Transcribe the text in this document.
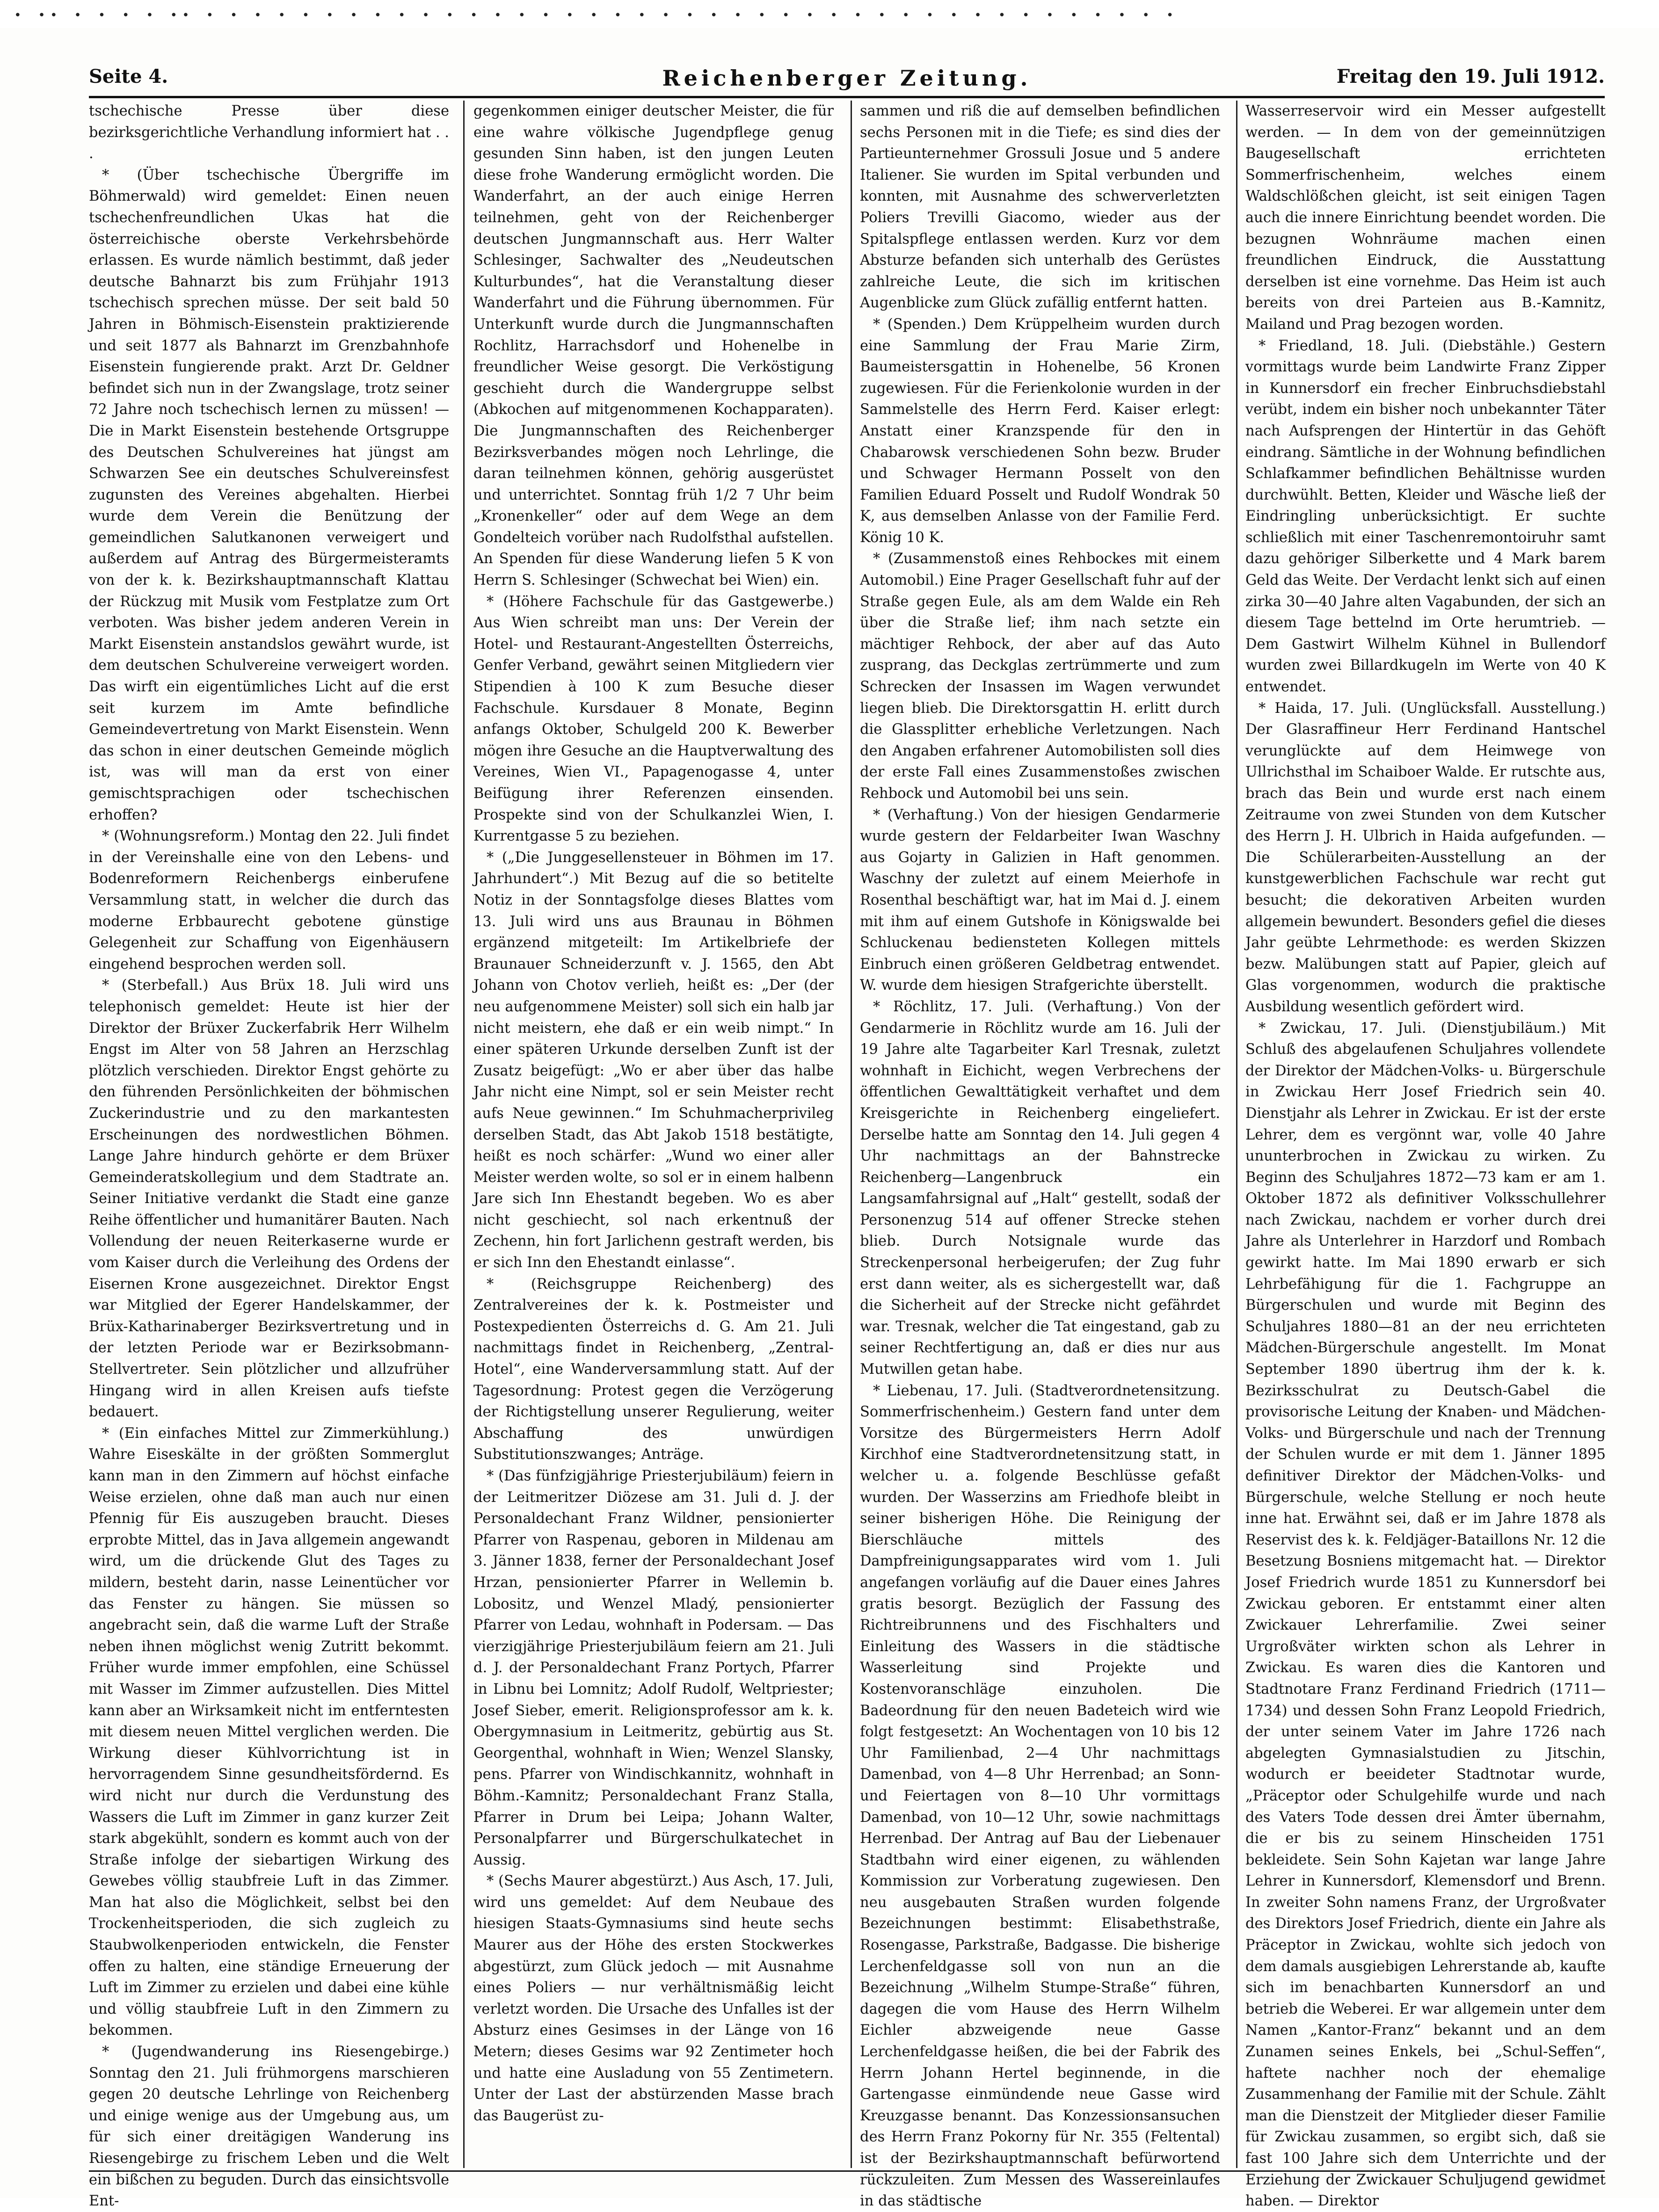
• •• • • • • •• • • • • • • • • • • • • • • • • • • • • • • • • • • • • • • • • • • • • • • • • •
Seite 4.	Reichenberger Zeitung.	Freitag den 19. Juli 1912.

tschechische Presse über diese bezirksgerichtliche Verhandlung informiert hat . . .

* (Über tschechische Übergriffe im Böhmerwald) wird gemeldet: Einen neuen tschechenfreundlichen Ukas hat die österreichische oberste Verkehrsbehörde erlassen. Es wurde nämlich bestimmt, daß jeder deutsche Bahnarzt bis zum Frühjahr 1913 tschechisch sprechen müsse. Der seit bald 50 Jahren in Böhmisch-Eisenstein praktizierende und seit 1877 als Bahnarzt im Grenzbahnhofe Eisenstein fungierende prakt. Arzt Dr. Geldner befindet sich nun in der Zwangslage, trotz seiner 72 Jahre noch tschechisch lernen zu müssen! — Die in Markt Eisenstein bestehende Ortsgruppe des Deutschen Schulvereines hat jüngst am Schwarzen See ein deutsches Schulvereinsfest zugunsten des Vereines abgehalten. Hierbei wurde dem Verein die Benützung der gemeindlichen Salutkanonen verweigert und außerdem auf Antrag des Bürgermeisteramts von der k. k. Bezirkshauptmannschaft Klattau der Rückzug mit Musik vom Festplatze zum Ort verboten. Was bisher jedem anderen Verein in Markt Eisenstein anstandslos gewährt wurde, ist dem deutschen Schulvereine verweigert worden. Das wirft ein eigentümliches Licht auf die erst seit kurzem im Amte befindliche Gemeindevertretung von Markt Eisenstein. Wenn das schon in einer deutschen Gemeinde möglich ist, was will man da erst von einer gemischtsprachigen oder tschechischen erhoffen?

* (Wohnungsreform.) Montag den 22. Juli findet in der Vereinshalle eine von den Lebens- und Bodenreformern Reichenbergs einberufene Versammlung statt, in welcher die durch das moderne Erbbaurecht gebotene günstige Gelegenheit zur Schaffung von Eigenhäusern eingehend besprochen werden soll.

* (Sterbefall.) Aus Brüx 18. Juli wird uns telephonisch gemeldet: Heute ist hier der Direktor der Brüxer Zuckerfabrik Herr Wilhelm Engst im Alter von 58 Jahren an Herzschlag plötzlich verschieden. Direktor Engst gehörte zu den führenden Persönlichkeiten der böhmischen Zuckerindustrie und zu den markantesten Erscheinungen des nordwestlichen Böhmen. Lange Jahre hindurch gehörte er dem Brüxer Gemeinderatskollegium und dem Stadtrate an. Seiner Initiative verdankt die Stadt eine ganze Reihe öffentlicher und humanitärer Bauten. Nach Vollendung der neuen Reiterkaserne wurde er vom Kaiser durch die Verleihung des Ordens der Eisernen Krone ausgezeichnet. Direktor Engst war Mitglied der Egerer Handelskammer, der Brüx-Katharinaberger Bezirksvertretung und in der letzten Periode war er Bezirksobmann-Stellvertreter. Sein plötzlicher und allzufrüher Hingang wird in allen Kreisen aufs tiefste bedauert.

* (Ein einfaches Mittel zur Zimmerkühlung.) Wahre Eiseskälte in der größten Sommerglut kann man in den Zimmern auf höchst einfache Weise erzielen, ohne daß man auch nur einen Pfennig für Eis auszugeben braucht. Dieses erprobte Mittel, das in Java allgemein angewandt wird, um die drückende Glut des Tages zu mildern, besteht darin, nasse Leinentücher vor das Fenster zu hängen. Sie müssen so angebracht sein, daß die warme Luft der Straße neben ihnen möglichst wenig Zutritt bekommt. Früher wurde immer empfohlen, eine Schüssel mit Wasser im Zimmer aufzustellen. Dies Mittel kann aber an Wirksamkeit nicht im entferntesten mit diesem neuen Mittel verglichen werden. Die Wirkung dieser Kühlvorrichtung ist in hervorragendem Sinne gesundheitsfördernd. Es wird nicht nur durch die Verdunstung des Wassers die Luft im Zimmer in ganz kurzer Zeit stark abgekühlt, sondern es kommt auch von der Straße infolge der siebartigen Wirkung des Gewebes völlig staubfreie Luft in das Zimmer. Man hat also die Möglichkeit, selbst bei den Trockenheitsperioden, die sich zugleich zu Staubwolkenperioden entwickeln, die Fenster offen zu halten, eine ständige Erneuerung der Luft im Zimmer zu erzielen und dabei eine kühle und völlig staubfreie Luft in den Zimmern zu bekommen.

* (Jugendwanderung ins Riesengebirge.) Sonntag den 21. Juli frühmorgens marschieren gegen 20 deutsche Lehrlinge von Reichenberg und einige wenige aus der Umgebung aus, um für sich einer dreitägigen Wanderung ins Riesengebirge zu frischem Leben und die Welt ein bißchen zu beguden. Durch das einsichtsvolle Ent-

gegenkommen einiger deutscher Meister, die für eine wahre völkische Jugendpflege genug gesunden Sinn haben, ist den jungen Leuten diese frohe Wanderung ermöglicht worden. Die Wanderfahrt, an der auch einige Herren teilnehmen, geht von der Reichenberger deutschen Jungmannschaft aus. Herr Walter Schlesinger, Sachwalter des „Neudeutschen Kulturbundes“, hat die Veranstaltung dieser Wanderfahrt und die Führung übernommen. Für Unterkunft wurde durch die Jungmannschaften Rochlitz, Harrachsdorf und Hohenelbe in freundlicher Weise gesorgt. Die Verköstigung geschieht durch die Wandergruppe selbst (Abkochen auf mitgenommenen Kochapparaten). Die Jungmannschaften des Reichenberger Bezirksverbandes mögen noch Lehrlinge, die daran teilnehmen können, gehörig ausgerüstet und unterrichtet. Sonntag früh 1/2 7 Uhr beim „Kronenkeller“ oder auf dem Wege an dem Gondelteich vorüber nach Rudolfsthal aufstellen. An Spenden für diese Wanderung liefen 5 K von Herrn S. Schlesinger (Schwechat bei Wien) ein.

* (Höhere Fachschule für das Gastgewerbe.) Aus Wien schreibt man uns: Der Verein der Hotel- und Restaurant-Angestellten Österreichs, Genfer Verband, gewährt seinen Mitgliedern vier Stipendien à 100 K zum Besuche dieser Fachschule. Kursdauer 8 Monate, Beginn anfangs Oktober, Schulgeld 200 K. Bewerber mögen ihre Gesuche an die Hauptverwaltung des Vereines, Wien VI., Papagenogasse 4, unter Beifügung ihrer Referenzen einsenden. Prospekte sind von der Schulkanzlei Wien, I. Kurrentgasse 5 zu beziehen.

* („Die Junggesellensteuer in Böhmen im 17. Jahrhundert“.) Mit Bezug auf die so betitelte Notiz in der Sonntagsfolge dieses Blattes vom 13. Juli wird uns aus Braunau in Böhmen ergänzend mitgeteilt: Im Artikelbriefe der Braunauer Schneiderzunft v. J. 1565, den Abt Johann von Chotov verlieh, heißt es: „Der (der neu aufgenommene Meister) soll sich ein halb jar nicht meistern, ehe daß er ein weib nimpt.“ In einer späteren Urkunde derselben Zunft ist der Zusatz beigefügt: „Wo er aber über das halbe Jahr nicht eine Nimpt, sol er sein Meister recht aufs Neue gewinnen.“ Im Schuhmacherprivileg derselben Stadt, das Abt Jakob 1518 bestätigte, heißt es noch schärfer: „Wund wo einer aller Meister werden wolte, so sol er in einem halbenn Jare sich Inn Ehestandt begeben. Wo es aber nicht geschiecht, sol nach erkentnuß der Zechenn, hin fort Jarlichenn gestraft werden, bis er sich Inn den Ehestandt einlasse“.

* (Reichsgruppe Reichenberg) des Zentralvereines der k. k. Postmeister und Postexpedienten Österreichs d. G. Am 21. Juli nachmittags findet in Reichenberg, „Zentral-Hotel“, eine Wanderversammlung statt. Auf der Tagesordnung: Protest gegen die Verzögerung der Richtigstellung unserer Regulierung, weiter Abschaffung des unwürdigen Substitutionszwanges; Anträge.

* (Das fünfzigjährige Priesterjubiläum) feiern in der Leitmeritzer Diözese am 31. Juli d. J. der Personaldechant Franz Wildner, pensionierter Pfarrer von Raspenau, geboren in Mildenau am 3. Jänner 1838, ferner der Personaldechant Josef Hrzan, pensionierter Pfarrer in Wellemin b. Lobositz, und Wenzel Mladý, pensionierter Pfarrer von Ledau, wohnhaft in Podersam. — Das vierzigjährige Priesterjubiläum feiern am 21. Juli d. J. der Personaldechant Franz Portych, Pfarrer in Libnu bei Lomnitz; Adolf Rudolf, Weltpriester; Josef Sieber, emerit. Religionsprofessor am k. k. Obergymnasium in Leitmeritz, gebürtig aus St. Georgenthal, wohnhaft in Wien; Wenzel Slansky, pens. Pfarrer von Windischkannitz, wohnhaft in Böhm.-Kamnitz; Personaldechant Franz Stalla, Pfarrer in Drum bei Leipa; Johann Walter, Personalpfarrer und Bürgerschulkatechet in Aussig.

* (Sechs Maurer abgestürzt.) Aus Asch, 17. Juli, wird uns gemeldet: Auf dem Neubaue des hiesigen Staats-Gymnasiums sind heute sechs Maurer aus der Höhe des ersten Stockwerkes abgestürzt, zum Glück jedoch — mit Ausnahme eines Poliers — nur verhältnismäßig leicht verletzt worden. Die Ursache des Unfalles ist der Absturz eines Gesimses in der Länge von 16 Metern; dieses Gesims war 92 Zentimeter hoch und hatte eine Ausladung von 55 Zentimetern. Unter der Last der abstürzenden Masse brach das Baugerüst zu-

sammen und riß die auf demselben befindlichen sechs Personen mit in die Tiefe; es sind dies der Partieunternehmer Grossuli Josue und 5 andere Italiener. Sie wurden im Spital verbunden und konnten, mit Ausnahme des schwerverletzten Poliers Trevilli Giacomo, wieder aus der Spitalspflege entlassen werden. Kurz vor dem Absturze befanden sich unterhalb des Gerüstes zahlreiche Leute, die sich im kritischen Augenblicke zum Glück zufällig entfernt hatten.

* (Spenden.) Dem Krüppelheim wurden durch eine Sammlung der Frau Marie Zirm, Baumeistersgattin in Hohenelbe, 56 Kronen zugewiesen. Für die Ferienkolonie wurden in der Sammelstelle des Herrn Ferd. Kaiser erlegt: Anstatt einer Kranzspende für den in Chabarowsk verschiedenen Sohn bezw. Bruder und Schwager Hermann Posselt von den Familien Eduard Posselt und Rudolf Wondrak 50 K, aus demselben Anlasse von der Familie Ferd. König 10 K.

* (Zusammenstoß eines Rehbockes mit einem Automobil.) Eine Prager Gesellschaft fuhr auf der Straße gegen Eule, als am dem Walde ein Reh über die Straße lief; ihm nach setzte ein mächtiger Rehbock, der aber auf das Auto zusprang, das Deckglas zertrümmerte und zum Schrecken der Insassen im Wagen verwundet liegen blieb. Die Direktorsgattin H. erlitt durch die Glassplitter erhebliche Verletzungen. Nach den Angaben erfahrener Automobilisten soll dies der erste Fall eines Zusammenstoßes zwischen Rehbock und Automobil bei uns sein.

* (Verhaftung.) Von der hiesigen Gendarmerie wurde gestern der Feldarbeiter Iwan Waschny aus Gojarty in Galizien in Haft genommen. Waschny der zuletzt auf einem Meierhofe in Rosenthal beschäftigt war, hat im Mai d. J. einem mit ihm auf einem Gutshofe in Königswalde bei Schluckenau bediensteten Kollegen mittels Einbruch einen größeren Geldbetrag entwendet. W. wurde dem hiesigen Strafgerichte überstellt.

* Röchlitz, 17. Juli. (Verhaftung.) Von der Gendarmerie in Röchlitz wurde am 16. Juli der 19 Jahre alte Tagarbeiter Karl Tresnak, zuletzt wohnhaft in Eichicht, wegen Verbrechens der öffentlichen Gewalttätigkeit verhaftet und dem Kreisgerichte in Reichenberg eingeliefert. Derselbe hatte am Sonntag den 14. Juli gegen 4 Uhr nachmittags an der Bahnstrecke Reichenberg—Langenbruck ein Langsamfahrsignal auf „Halt“ gestellt, sodaß der Personenzug 514 auf offener Strecke stehen blieb. Durch Notsignale wurde das Streckenpersonal herbeigerufen; der Zug fuhr erst dann weiter, als es sichergestellt war, daß die Sicherheit auf der Strecke nicht gefährdet war. Tresnak, welcher die Tat eingestand, gab zu seiner Rechtfertigung an, daß er dies nur aus Mutwillen getan habe.

* Liebenau, 17. Juli. (Stadtverordnetensitzung. Sommerfrischenheim.) Gestern fand unter dem Vorsitze des Bürgermeisters Herrn Adolf Kirchhof eine Stadtverordnetensitzung statt, in welcher u. a. folgende Beschlüsse gefaßt wurden. Der Wasserzins am Friedhofe bleibt in seiner bisherigen Höhe. Die Reinigung der Bierschläuche mittels des Dampfreinigungsapparates wird vom 1. Juli angefangen vorläufig auf die Dauer eines Jahres gratis besorgt. Bezüglich der Fassung des Richtreibrunnens und des Fischhalters und Einleitung des Wassers in die städtische Wasserleitung sind Projekte und Kostenvoranschläge einzuholen. Die Badeordnung für den neuen Badeteich wird wie folgt festgesetzt: An Wochentagen von 10 bis 12 Uhr Familienbad, 2—4 Uhr nachmittags Damenbad, von 4—8 Uhr Herrenbad; an Sonn- und Feiertagen von 8—10 Uhr vormittags Damenbad, von 10—12 Uhr, sowie nachmittags Herrenbad. Der Antrag auf Bau der Liebenauer Stadtbahn wird einer eigenen, zu wählenden Kommission zur Vorberatung zugewiesen. Den neu ausgebauten Straßen wurden folgende Bezeichnungen bestimmt: Elisabethstraße, Rosengasse, Parkstraße, Badgasse. Die bisherige Lerchenfeldgasse soll von nun an die Bezeichnung „Wilhelm Stumpe-Straße“ führen, dagegen die vom Hause des Herrn Wilhelm Eichler abzweigende neue Gasse Lerchenfeldgasse heißen, die bei der Fabrik des Herrn Johann Hertel beginnende, in die Gartengasse einmündende neue Gasse wird Kreuzgasse benannt. Das Konzessionsansuchen des Herrn Franz Pokorny für Nr. 355 (Feltental) ist der Bezirkshauptmannschaft befürwortend rückzuleiten. Zum Messen des Wassereinlaufes in das städtische

Wasserreservoir wird ein Messer aufgestellt werden. — In dem von der gemeinnützigen Baugesellschaft errichteten Sommerfrischenheim, welches einem Waldschlößchen gleicht, ist seit einigen Tagen auch die innere Einrichtung beendet worden. Die bezugnen Wohnräume machen einen freundlichen Eindruck, die Ausstattung derselben ist eine vornehme. Das Heim ist auch bereits von drei Parteien aus B.-Kamnitz, Mailand und Prag bezogen worden.

* Friedland, 18. Juli. (Diebstähle.) Gestern vormittags wurde beim Landwirte Franz Zipper in Kunnersdorf ein frecher Einbruchsdiebstahl verübt, indem ein bisher noch unbekannter Täter nach Aufsprengen der Hintertür in das Gehöft eindrang. Sämtliche in der Wohnung befindlichen Schlafkammer befindlichen Behältnisse wurden durchwühlt. Betten, Kleider und Wäsche ließ der Eindringling unberücksichtigt. Er suchte schließlich mit einer Taschenremontoiruhr samt dazu gehöriger Silberkette und 4 Mark barem Geld das Weite. Der Verdacht lenkt sich auf einen zirka 30—40 Jahre alten Vagabunden, der sich an diesem Tage bettelnd im Orte herumtrieb. — Dem Gastwirt Wilhelm Kühnel in Bullendorf wurden zwei Billardkugeln im Werte von 40 K entwendet.

* Haida, 17. Juli. (Unglücksfall. Ausstellung.) Der Glasraffineur Herr Ferdinand Hantschel verunglückte auf dem Heimwege von Ullrichsthal im Schaiboer Walde. Er rutschte aus, brach das Bein und wurde erst nach einem Zeitraume von zwei Stunden von dem Kutscher des Herrn J. H. Ulbrich in Haida aufgefunden. — Die Schülerarbeiten-Ausstellung an der kunstgewerblichen Fachschule war recht gut besucht; die dekorativen Arbeiten wurden allgemein bewundert. Besonders gefiel die dieses Jahr geübte Lehrmethode: es werden Skizzen bezw. Malübungen statt auf Papier, gleich auf Glas vorgenommen, wodurch die praktische Ausbildung wesentlich gefördert wird.

* Zwickau, 17. Juli. (Dienstjubiläum.) Mit Schluß des abgelaufenen Schuljahres vollendete der Direktor der Mädchen-Volks- u. Bürgerschule in Zwickau Herr Josef Friedrich sein 40. Dienstjahr als Lehrer in Zwickau. Er ist der erste Lehrer, dem es vergönnt war, volle 40 Jahre ununterbrochen in Zwickau zu wirken. Zu Beginn des Schuljahres 1872—73 kam er am 1. Oktober 1872 als definitiver Volksschullehrer nach Zwickau, nachdem er vorher durch drei Jahre als Unterlehrer in Harzdorf und Rombach gewirkt hatte. Im Mai 1890 erwarb er sich Lehrbefähigung für die 1. Fachgruppe an Bürgerschulen und wurde mit Beginn des Schuljahres 1880—81 an der neu errichteten Mädchen-Bürgerschule angestellt. Im Monat September 1890 übertrug ihm der k. k. Bezirksschulrat zu Deutsch-Gabel die provisorische Leitung der Knaben- und Mädchen-Volks- und Bürgerschule und nach der Trennung der Schulen wurde er mit dem 1. Jänner 1895 definitiver Direktor der Mädchen-Volks- und Bürgerschule, welche Stellung er noch heute inne hat. Erwähnt sei, daß er im Jahre 1878 als Reservist des k. k. Feldjäger-Bataillons Nr. 12 die Besetzung Bosniens mitgemacht hat. — Direktor Josef Friedrich wurde 1851 zu Kunnersdorf bei Zwickau geboren. Er entstammt einer alten Zwickauer Lehrerfamilie. Zwei seiner Urgroßväter wirkten schon als Lehrer in Zwickau. Es waren dies die Kantoren und Stadtnotare Franz Ferdinand Friedrich (1711—1734) und dessen Sohn Franz Leopold Friedrich, der unter seinem Vater im Jahre 1726 nach abgelegten Gymnasialstudien zu Jitschin, wodurch er beeideter Stadtnotar wurde, „Präceptor oder Schulgehilfe wurde und nach des Vaters Tode dessen drei Ämter übernahm, die er bis zu seinem Hinscheiden 1751 bekleidete. Sein Sohn Kajetan war lange Jahre Lehrer in Kunnersdorf, Klemensdorf und Brenn. In zweiter Sohn namens Franz, der Urgroßvater des Direktors Josef Friedrich, diente ein Jahre als Präceptor in Zwickau, wohlte sich jedoch von dem damals ausgiebigen Lehrerstande ab, kaufte sich im benachbarten Kunnersdorf an und betrieb die Weberei. Er war allgemein unter dem Namen „Kantor-Franz“ bekannt und an dem Zunamen seines Enkels, bei „Schul-Seffen“, haftete nachher noch der ehemalige Zusammenhang der Familie mit der Schule. Zählt man die Dienstzeit der Mitglieder dieser Familie für Zwickau zusammen, so ergibt sich, daß sie fast 100 Jahre sich dem Unterrichte und der Erziehung der Zwickauer Schuljugend gewidmet haben. — Direktor
